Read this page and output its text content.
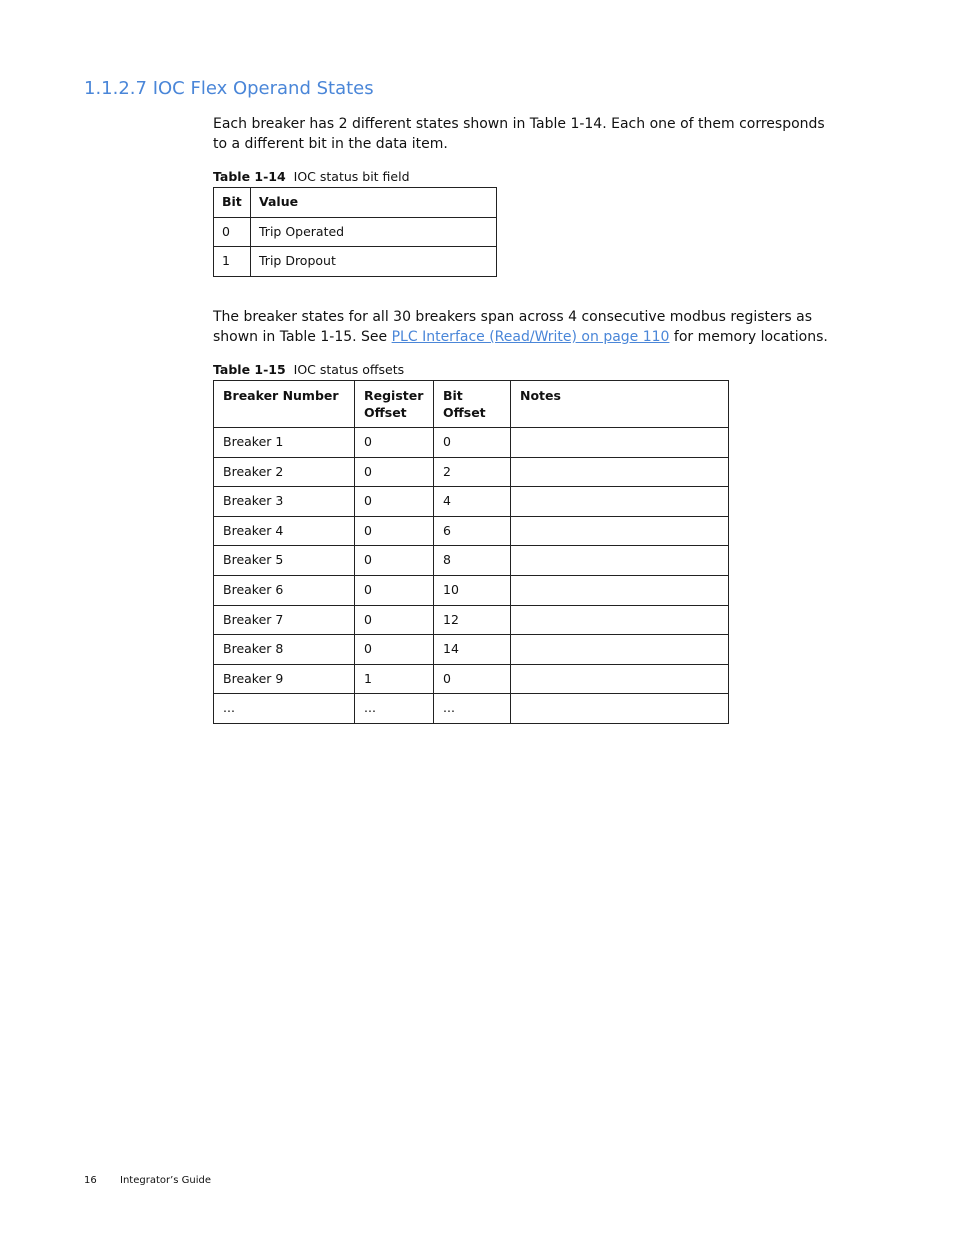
1.1.2.7 IOC Flex Operand States

Each breaker has 2 different states shown in Table 1-14. Each one of them corresponds to a different bit in the data item.

Table 1-14 IOC status bit field
Bit	Value
0	Trip Operated
1	Trip Dropout

The breaker states for all 30 breakers span across 4 consecutive modbus registers as shown in Table 1-15. See PLC Interface (Read/Write) on page 110 for memory locations.

Table 1-15 IOC status offsets
Breaker Number	Register Offset	Bit Offset	Notes
Breaker 1	0	0	
Breaker 2	0	2	
Breaker 3	0	4	
Breaker 4	0	6	
Breaker 5	0	8	
Breaker 6	0	10	
Breaker 7	0	12	
Breaker 8	0	14	
Breaker 9	1	0	
...	...	...	
16 Integrator’s Guide
